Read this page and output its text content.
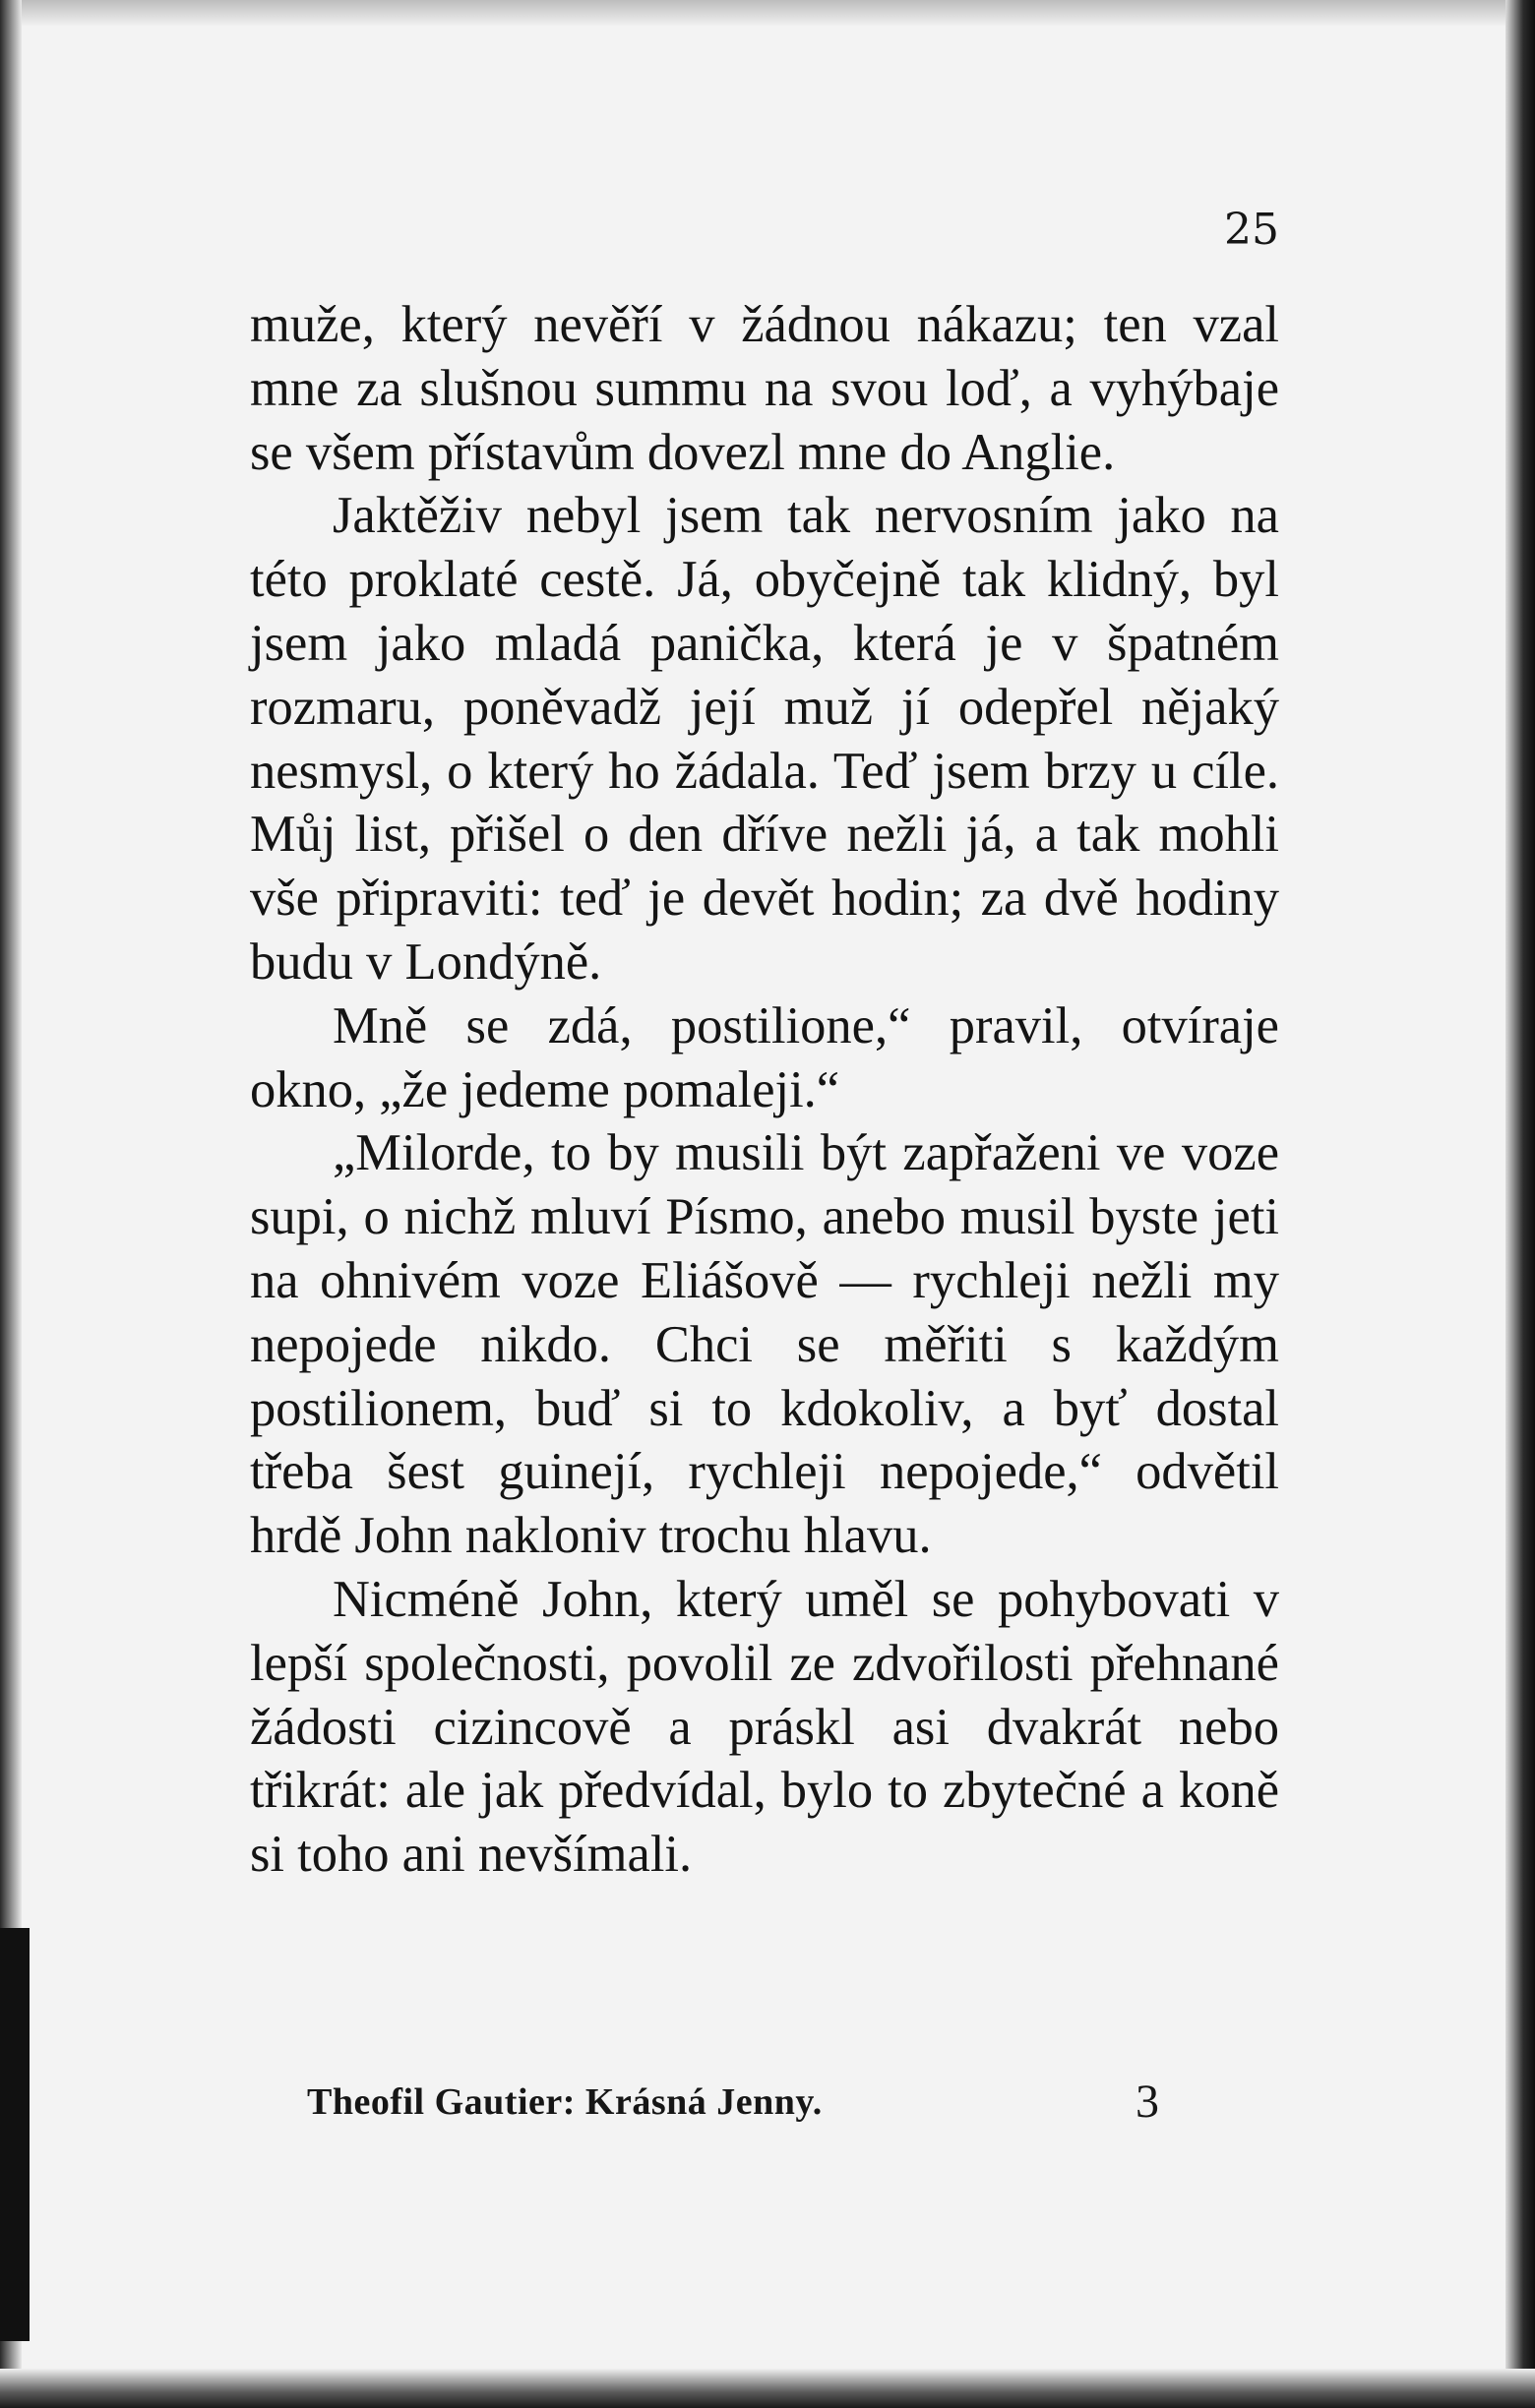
25

muže, který nevěří v žádnou nákazu; ten vzal mne za slušnou summu na svou loď, a vyhýbaje se všem přístavům dovezl mne do Anglie.

Jaktěživ nebyl jsem tak nervosním jako na této proklaté cestě. Já, obyčejně tak klidný, byl jsem jako mladá panička, která je v špatném rozmaru, poněvadž její muž jí odepřel nějaký nesmysl, o který ho žádala. Teď jsem brzy u cíle. Můj list, přišel o den dříve nežli já, a tak mohli vše připraviti: teď je devět hodin; za dvě hodiny budu v Londýně.

Mně se zdá, postilione,“ pravil, otvíraje okno, „že jedeme pomaleji.“

„Milorde, to by musili být zapřaženi ve voze supi, o nichž mluví Písmo, anebo musil byste jeti na ohnivém voze Eliášově — rychleji nežli my nepojede nikdo. Chci se měřiti s každým postilionem, buď si to kdokoliv, a byť dostal třeba šest guinejí, rychleji nepojede,“ odvětil hrdě John nakloniv trochu hlavu.

Nicméně John, který uměl se pohybovati v lepší společnosti, povolil ze zdvořilosti přehnané žádosti cizincově a práskl asi dvakrát nebo třikrát: ale jak předvídal, bylo to zbytečné a koně si toho ani nevšímali.

Theofil Gautier: Krásná Jenny.	3
